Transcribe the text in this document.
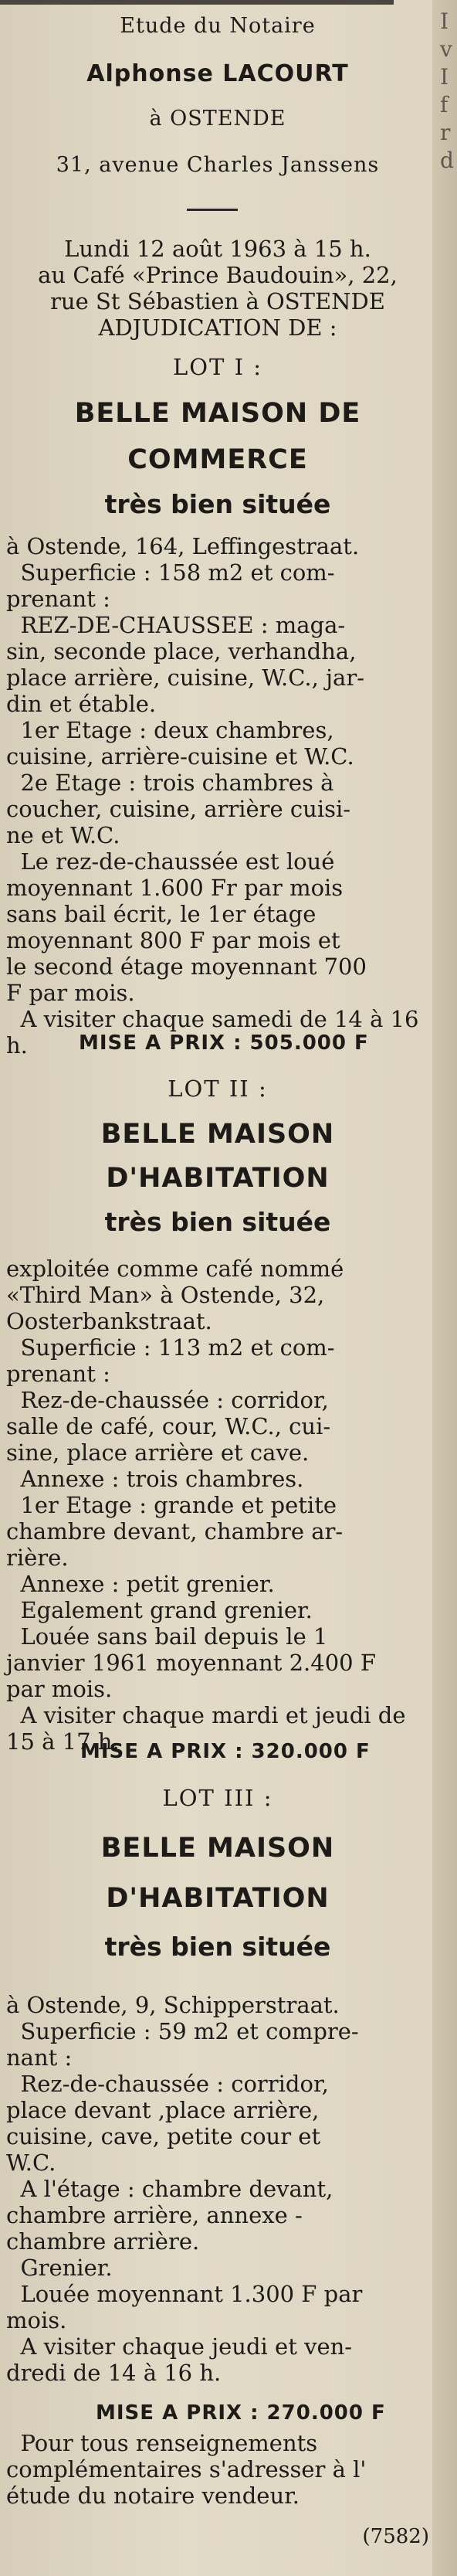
I
v
I
f
r
d
Etude du Notaire
Alphonse LACOURT
à OSTENDE
31, avenue Charles Janssens

Lundi 12 août 1963 à 15 h.

au Café «Prince Baudouin», 22,

rue St Sébastien à OSTENDE

ADJUDICATION DE :

LOT I :
BELLE MAISON DE
COMMERCE
très bien située

à Ostende, 164, Leffingestraat.

Superficie : 158 m2 et com-

prenant :

REZ-DE-CHAUSSEE : maga-

sin, seconde place, verhandha,

place arrière, cuisine, W.C., jar-

din et étable.

1er Etage : deux chambres,

cuisine, arrière-cuisine et W.C.

2e Etage : trois chambres à

coucher, cuisine, arrière cuisi-

ne et W.C.

Le rez-de-chaussée est loué

moyennant 1.600 Fr par mois

sans bail écrit, le 1er étage

moyennant 800 F par mois et

le second étage moyennant 700

F par mois.

A visiter chaque samedi de 14 à 16 h.	MISE A PRIX : 505.000 F
LOT II :
BELLE MAISON
D'HABITATION
très bien située

exploitée comme café nommé

«Third Man» à Ostende, 32,

Oosterbankstraat.

Superficie : 113 m2 et com-

prenant :

Rez-de-chaussée : corridor,

salle de café, cour, W.C., cui-

sine, place arrière et cave.

Annexe : trois chambres.

1er Etage : grande et petite

chambre devant, chambre ar-

rière.

Annexe : petit grenier.

Egalement grand grenier.

Louée sans bail depuis le 1

janvier 1961 moyennant 2.400 F

par mois.

A visiter chaque mardi et jeudi de 15 à 17 h.

MISE A PRIX : 320.000 F
LOT III :
BELLE MAISON
D'HABITATION
très bien située

à Ostende, 9, Schipperstraat.

Superficie : 59 m2 et compre-

nant :

Rez-de-chaussée : corridor,

place devant ,place arrière,

cuisine, cave, petite cour et

W.C.

A l'étage : chambre devant,

chambre arrière, annexe -

chambre arrière.

Grenier.

Louée moyennant 1.300 F par

mois.

A visiter chaque jeudi et ven-

dredi de 14 à 16 h.

MISE A PRIX : 270.000 F

Pour tous renseignements

complémentaires s'adresser à l'

étude du notaire vendeur.

(7582)
